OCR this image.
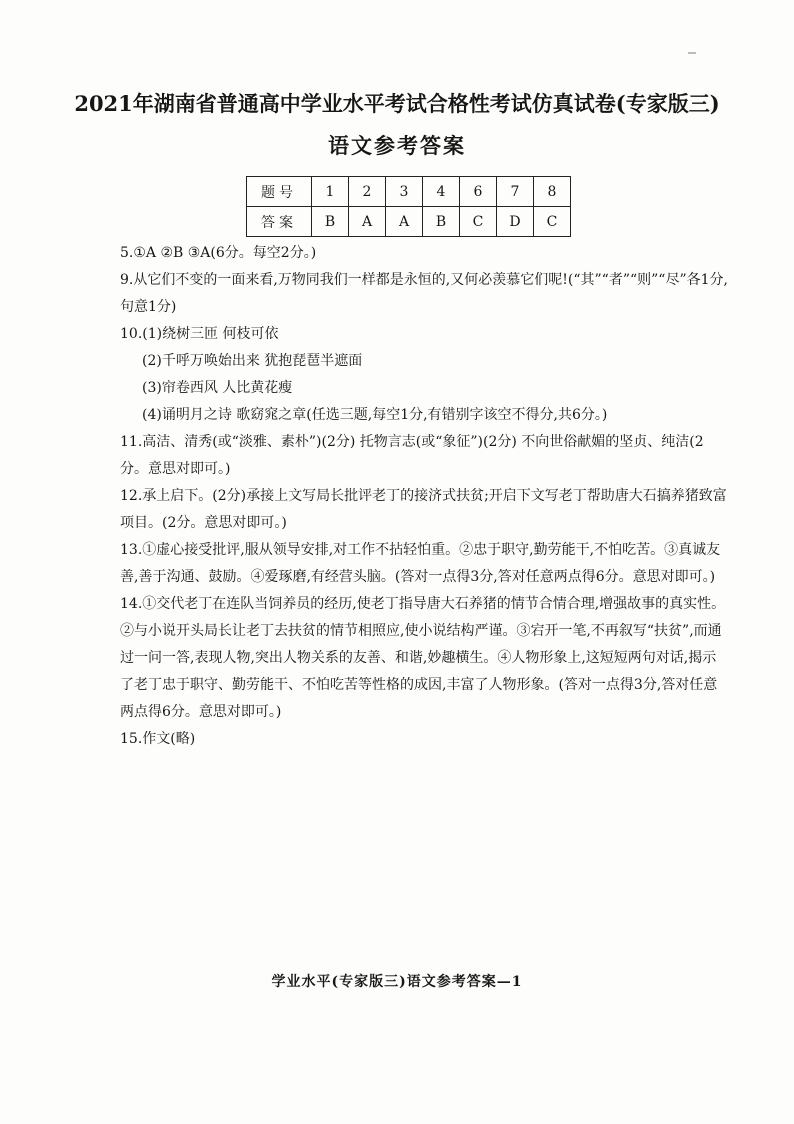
2021年湖南省普通高中学业水平考试合格性考试仿真试卷(专家版三)
语文参考答案
题号	1	2	3	4	6	7	8
答案	B	A	A	B	C	D	C

5.①A ②B ③A(6分。每空2分。)

9.从它们不变的一面来看,万物同我们一样都是永恒的,又何必羡慕它们呢!(“其”“者”“则”“尽”各1分,句意1分)

10.(1)绕树三匝 何枝可依

(2)千呼万唤始出来 犹抱琵琶半遮面

(3)帘卷西风 人比黄花瘦

(4)诵明月之诗 歌窈窕之章(任选三题,每空1分,有错别字该空不得分,共6分。)

11.高洁、清秀(或“淡雅、素朴”)(2分) 托物言志(或“象征”)(2分) 不向世俗献媚的坚贞、纯洁(2分。意思对即可。)

12.承上启下。(2分)承接上文写局长批评老丁的接济式扶贫;开启下文写老丁帮助唐大石搞养猪致富项目。(2分。意思对即可。)

13.①虚心接受批评,服从领导安排,对工作不拈轻怕重。②忠于职守,勤劳能干,不怕吃苦。③真诚友善,善于沟通、鼓励。④爱琢磨,有经营头脑。(答对一点得3分,答对任意两点得6分。意思对即可。)

14.①交代老丁在连队当饲养员的经历,使老丁指导唐大石养猪的情节合情合理,增强故事的真实性。②与小说开头局长让老丁去扶贫的情节相照应,使小说结构严谨。③宕开一笔,不再叙写“扶贫”,而通过一问一答,表现人物,突出人物关系的友善、和谐,妙趣横生。④人物形象上,这短短两句对话,揭示了老丁忠于职守、勤劳能干、不怕吃苦等性格的成因,丰富了人物形象。(答对一点得3分,答对任意两点得6分。意思对即可。)

15.作文(略)

学业水平(专家版三)语文参考答案—1
